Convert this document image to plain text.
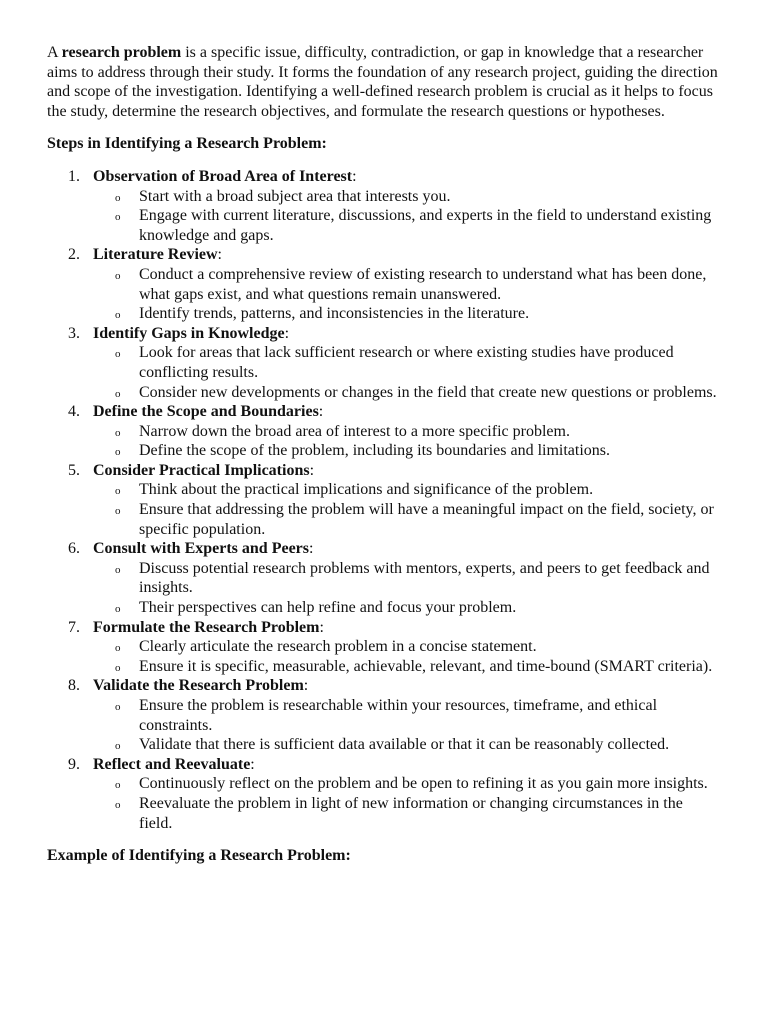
A research problem is a specific issue, difficulty, contradiction, or gap in knowledge that a researcher aims to address through their study. It forms the foundation of any research project, guiding the direction and scope of the investigation. Identifying a well-defined research problem is crucial as it helps to focus the study, determine the research objectives, and formulate the research questions or hypotheses.

Steps in Identifying a Research Problem:

1. Observation of Broad Area of Interest:
o Start with a broad subject area that interests you.
o Engage with current literature, discussions, and experts in the field to understand existing knowledge and gaps.
2. Literature Review:
o Conduct a comprehensive review of existing research to understand what has been done, what gaps exist, and what questions remain unanswered.
o Identify trends, patterns, and inconsistencies in the literature.
3. Identify Gaps in Knowledge:
o Look for areas that lack sufficient research or where existing studies have produced conflicting results.
o Consider new developments or changes in the field that create new questions or problems.
4. Define the Scope and Boundaries:
o Narrow down the broad area of interest to a more specific problem.
o Define the scope of the problem, including its boundaries and limitations.
5. Consider Practical Implications:
o Think about the practical implications and significance of the problem.
o Ensure that addressing the problem will have a meaningful impact on the field, society, or specific population.
6. Consult with Experts and Peers:
o Discuss potential research problems with mentors, experts, and peers to get feedback and insights.
o Their perspectives can help refine and focus your problem.
7. Formulate the Research Problem:
o Clearly articulate the research problem in a concise statement.
o Ensure it is specific, measurable, achievable, relevant, and time-bound (SMART criteria).
8. Validate the Research Problem:
o Ensure the problem is researchable within your resources, timeframe, and ethical constraints.
o Validate that there is sufficient data available or that it can be reasonably collected.
9. Reflect and Reevaluate:
o Continuously reflect on the problem and be open to refining it as you gain more insights.
o Reevaluate the problem in light of new information or changing circumstances in the field.

Example of Identifying a Research Problem:
